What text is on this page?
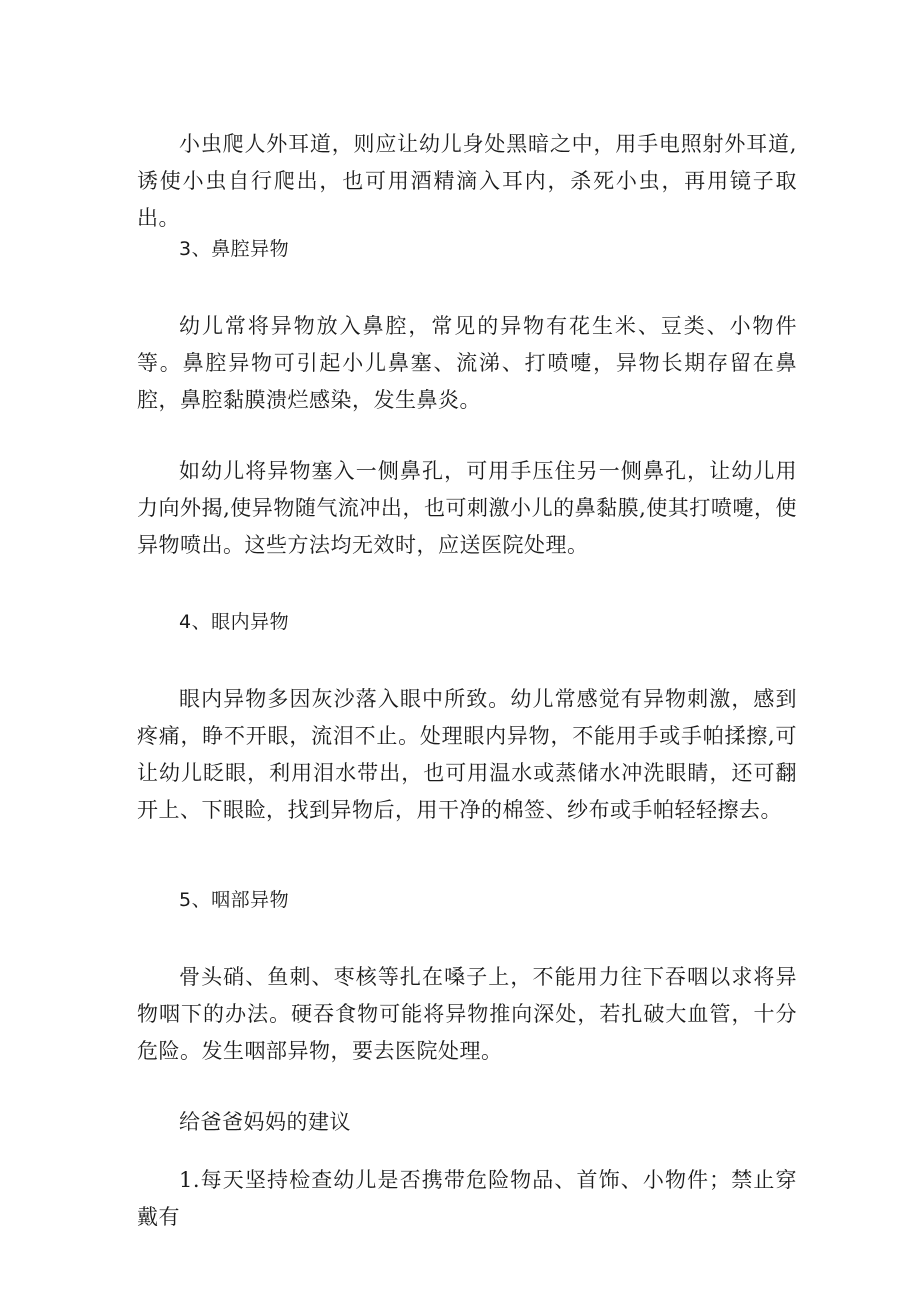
小虫爬人外耳道，则应让幼儿身处黑暗之中，用手电照射外耳道,诱使小虫自行爬出，也可用酒精滴入耳内，杀死小虫，再用镜子取出。

3、鼻腔异物

幼儿常将异物放入鼻腔，常见的异物有花生米、豆类、小物件等。鼻腔异物可引起小儿鼻塞、流涕、打喷嚏，异物长期存留在鼻腔，鼻腔黏膜溃烂感染，发生鼻炎。

如幼儿将异物塞入一侧鼻孔，可用手压住另一侧鼻孔，让幼儿用力向外揭,使异物随气流冲出，也可刺激小儿的鼻黏膜,使其打喷嚏，使异物喷出。这些方法均无效时，应送医院处理。

4、眼内异物

眼内异物多因灰沙落入眼中所致。幼儿常感觉有异物刺激，感到疼痛，睁不开眼，流泪不止。处理眼内异物，不能用手或手帕揉擦,可让幼儿眨眼，利用泪水带出，也可用温水或蒸储水冲洗眼睛，还可翻开上、下眼睑，找到异物后，用干净的棉签、纱布或手帕轻轻擦去。

5、咽部异物

骨头硝、鱼刺、枣核等扎在嗓子上，不能用力往下吞咽以求将异物咽下的办法。硬吞食物可能将异物推向深处，若扎破大血管，十分危险。发生咽部异物，要去医院处理。

给爸爸妈妈的建议

1.每天坚持检查幼儿是否携带危险物品、首饰、小物件；禁止穿戴有
